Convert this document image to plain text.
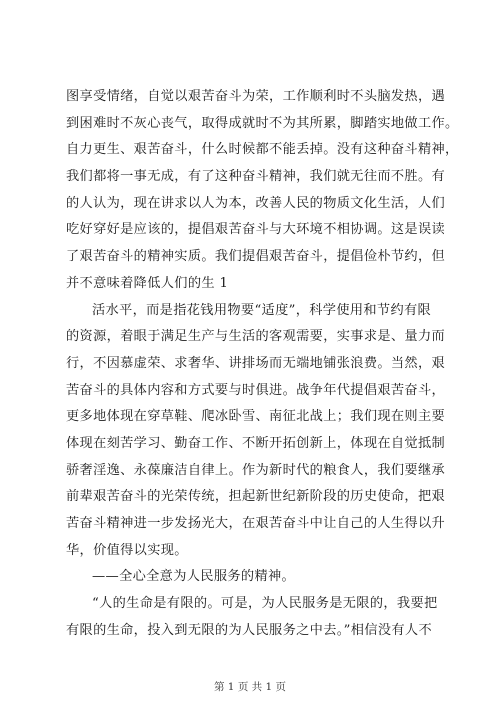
图享受情绪，自觉以艰苦奋斗为荣，工作顺利时不头脑发热，遇
到困难时不灰心丧气，取得成就时不为其所累，脚踏实地做工作。
自力更生、艰苦奋斗，什么时候都不能丢掉。没有这种奋斗精神，
我们都将一事无成，有了这种奋斗精神，我们就无往而不胜。有
的人认为，现在讲求以人为本，改善人民的物质文化生活，人们
吃好穿好是应该的，提倡艰苦奋斗与大环境不相协调。这是误读
了艰苦奋斗的精神实质。我们提倡艰苦奋斗，提倡俭朴节约，但
并不意味着降低人们的生 1
活水平，而是指花钱用物要“适度”，科学使用和节约有限
的资源，着眼于满足生产与生活的客观需要，实事求是、量力而
行，不因慕虚荣、求奢华、讲排场而无端地铺张浪费。当然，艰
苦奋斗的具体内容和方式要与时俱进。战争年代提倡艰苦奋斗，
更多地体现在穿草鞋、爬冰卧雪、南征北战上；我们现在则主要
体现在刻苦学习、勤奋工作、不断开拓创新上，体现在自觉抵制
骄奢淫逸、永葆廉洁自律上。作为新时代的粮食人，我们要继承
前辈艰苦奋斗的光荣传统，担起新世纪新阶段的历史使命，把艰
苦奋斗精神进一步发扬光大，在艰苦奋斗中让自己的人生得以升
华，价值得以实现。
——全心全意为人民服务的精神。
“人的生命是有限的。可是，为人民服务是无限的，我要把
有限的生命，投入到无限的为人民服务之中去。”相信没有人不
第 1 页 共 1 页
